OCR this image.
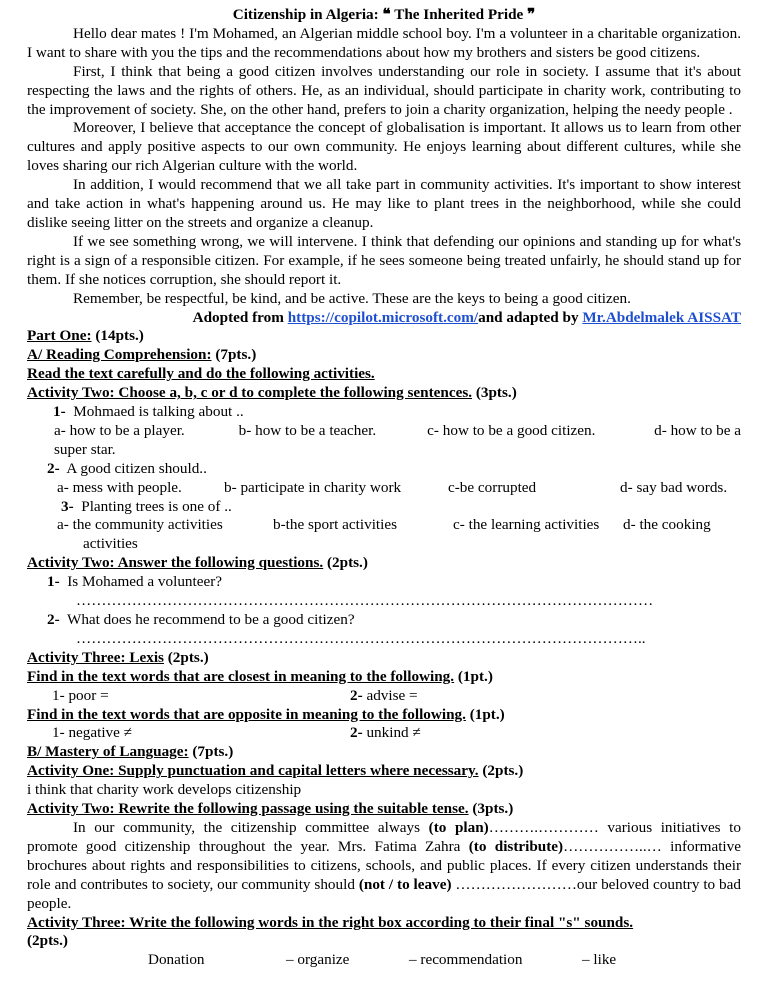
Citizenship in Algeria: ❝ The Inherited Pride ❞

Hello dear mates ! I'm Mohamed, an Algerian middle school boy. I'm a volunteer in a charitable organization. I want to share with you the tips and the recommendations about how my brothers and sisters be good citizens.

First, I think that being a good citizen involves understanding our role in society. I assume that it's about respecting the laws and the rights of others. He, as an individual, should participate in charity work, contributing to the improvement of society. She, on the other hand, prefers to join a charity organization, helping the needy people .

Moreover, I believe that acceptance the concept of globalisation is important. It allows us to learn from other cultures and apply positive aspects to our own community. He enjoys learning about different cultures, while she loves sharing our rich Algerian culture with the world.

In addition, I would recommend that we all take part in community activities. It's important to show interest and take action in what's happening around us. He may like to plant trees in the neighborhood, while she could dislike seeing litter on the streets and organize a cleanup.

If we see something wrong, we will intervene. I think that defending our opinions and standing up for what's right is a sign of a responsible citizen. For example, if he sees someone being treated unfairly, he should stand up for them. If she notices corruption, she should report it.

Remember, be respectful, be kind, and be active. These are the keys to being a good citizen.

Adopted from https://copilot.microsoft.com/and adapted by Mr.Abdelmalek AISSAT

Part One: (14pts.)

A/ Reading Comprehension: (7pts.)

Read the text carefully and do the following activities.

Activity Two: Choose a, b, c or d to complete the following sentences. (3pts.)

1- Mohmaed is talking about ..

a- how to be a player.	b- how to be a teacher.	c- how to be a good citizen.	d- how to be a

super star.

2- A good citizen should..

a- mess with people.	b- participate in charity work	c-be corrupted	d- say bad words.

3- Planting trees is one of ..

a- the community activities	b-the sport activities	c- the learning activities	d- the cooking

activities

Activity Two: Answer the following questions. (2pts.)

1- Is Mohamed a volunteer?

……………………………………………………………………………………………………

2- What does he recommend to be a good citizen?

…………………………………………………………………………………………………..

Activity Three: Lexis (2pts.)

Find in the text words that are closest in meaning to the following. (1pt.)

1- poor =	2- advise =

Find in the text words that are opposite in meaning to the following. (1pt.)

1- negative ≠	2- unkind ≠

B/ Mastery of Language: (7pts.)

Activity One: Supply punctuation and capital letters where necessary. (2pts.)

i think that charity work develops citizenship

Activity Two: Rewrite the following passage using the suitable tense. (3pts.)

In our community, the citizenship committee always (to plan)……….………… various initiatives to promote good citizenship throughout the year. Mrs. Fatima Zahra (to distribute)……………..… informative brochures about rights and responsibilities to citizens, schools, and public places. If every citizen understands their role and contributes to society, our community should (not / to leave) ……………………our beloved country to bad people.

Activity Three: Write the following words in the right box according to their final "s" sounds.

(2pts.)

Donation	– organize	– recommendation	– like
